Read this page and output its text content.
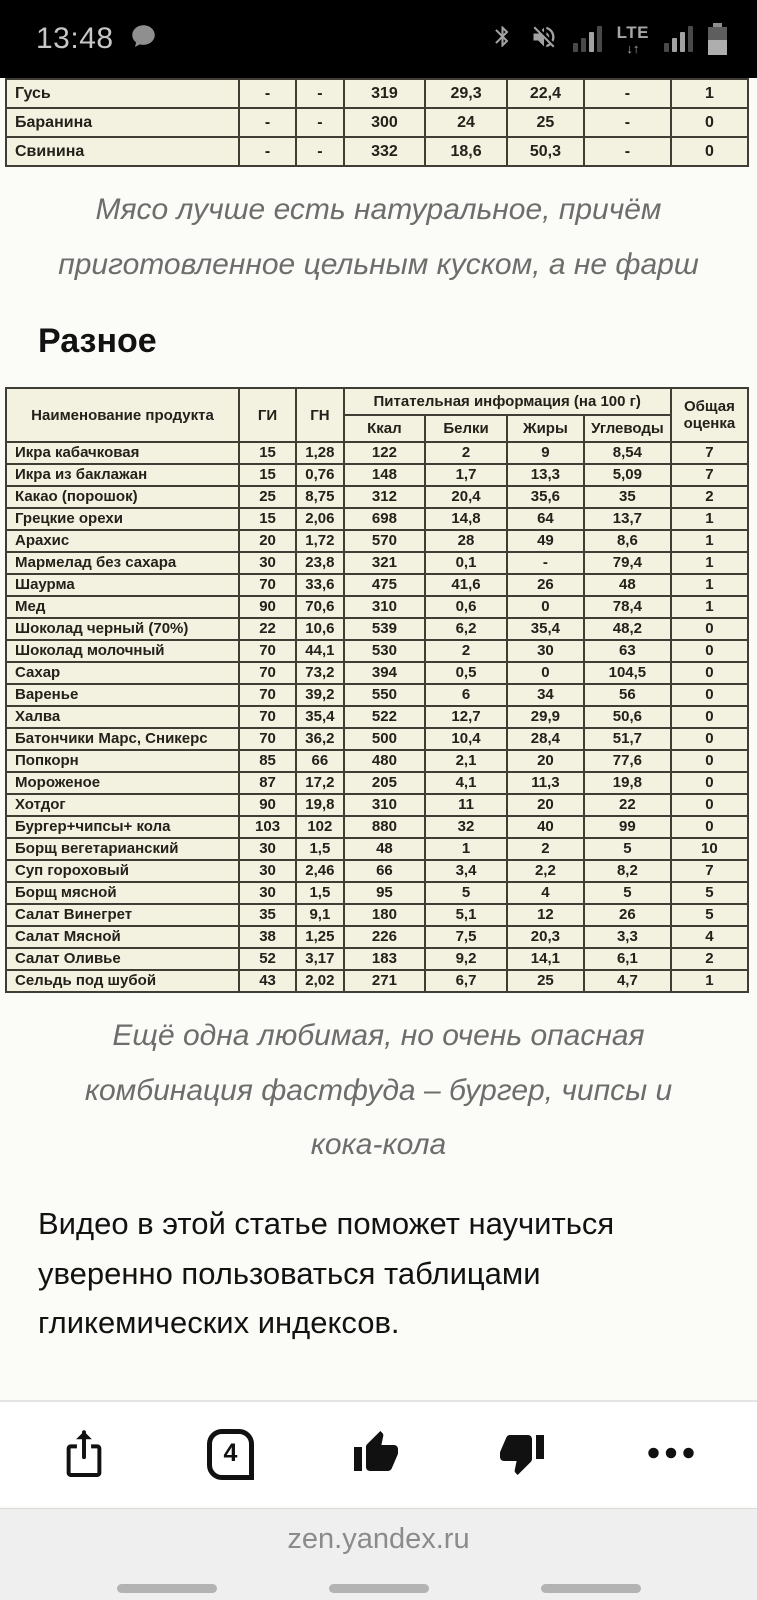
13:48	LTE
↓↑
Гусь	-	-	319	29,3	22,4	-	1
Баранина	-	-	300	24	25	-	0
Свинина	-	-	332	18,6	50,3	-	0

Мясо лучше есть натуральное, причём приготовленное цельным куском, а не фарш

Разное
Наименование продукта	ГИ	ГН	Питательная информация (на 100 г)				Общая оценка
			Ккал	Белки	Жиры	Углеводы	
Икра кабачковая	15	1,28	122	2	9	8,54	7
Икра из баклажан	15	0,76	148	1,7	13,3	5,09	7
Какао (порошок)	25	8,75	312	20,4	35,6	35	2
Грецкие орехи	15	2,06	698	14,8	64	13,7	1
Арахис	20	1,72	570	28	49	8,6	1
Мармелад без сахара	30	23,8	321	0,1	-	79,4	1
Шаурма	70	33,6	475	41,6	26	48	1
Мед	90	70,6	310	0,6	0	78,4	1
Шоколад черный (70%)	22	10,6	539	6,2	35,4	48,2	0
Шоколад молочный	70	44,1	530	2	30	63	0
Сахар	70	73,2	394	0,5	0	104,5	0
Варенье	70	39,2	550	6	34	56	0
Халва	70	35,4	522	12,7	29,9	50,6	0
Батончики Марс, Сникерс	70	36,2	500	10,4	28,4	51,7	0
Попкорн	85	66	480	2,1	20	77,6	0
Мороженое	87	17,2	205	4,1	11,3	19,8	0
Хотдог	90	19,8	310	11	20	22	0
Бургер+чипсы+ кола	103	102	880	32	40	99	0
Борщ вегетарианский	30	1,5	48	1	2	5	10
Суп гороховый	30	2,46	66	3,4	2,2	8,2	7
Борщ мясной	30	1,5	95	5	4	5	5
Салат Винегрет	35	9,1	180	5,1	12	26	5
Салат Мясной	38	1,25	226	7,5	20,3	3,3	4
Салат Оливье	52	3,17	183	9,2	14,1	6,1	2
Сельдь под шубой	43	2,02	271	6,7	25	4,7	1

Ещё одна любимая, но очень опасная комбинация фастфуда – бургер, чипсы и кока-кола

Видео в этой статье поможет научиться уверенно пользоваться таблицами гликемических индексов.

4
zen.yandex.ru
